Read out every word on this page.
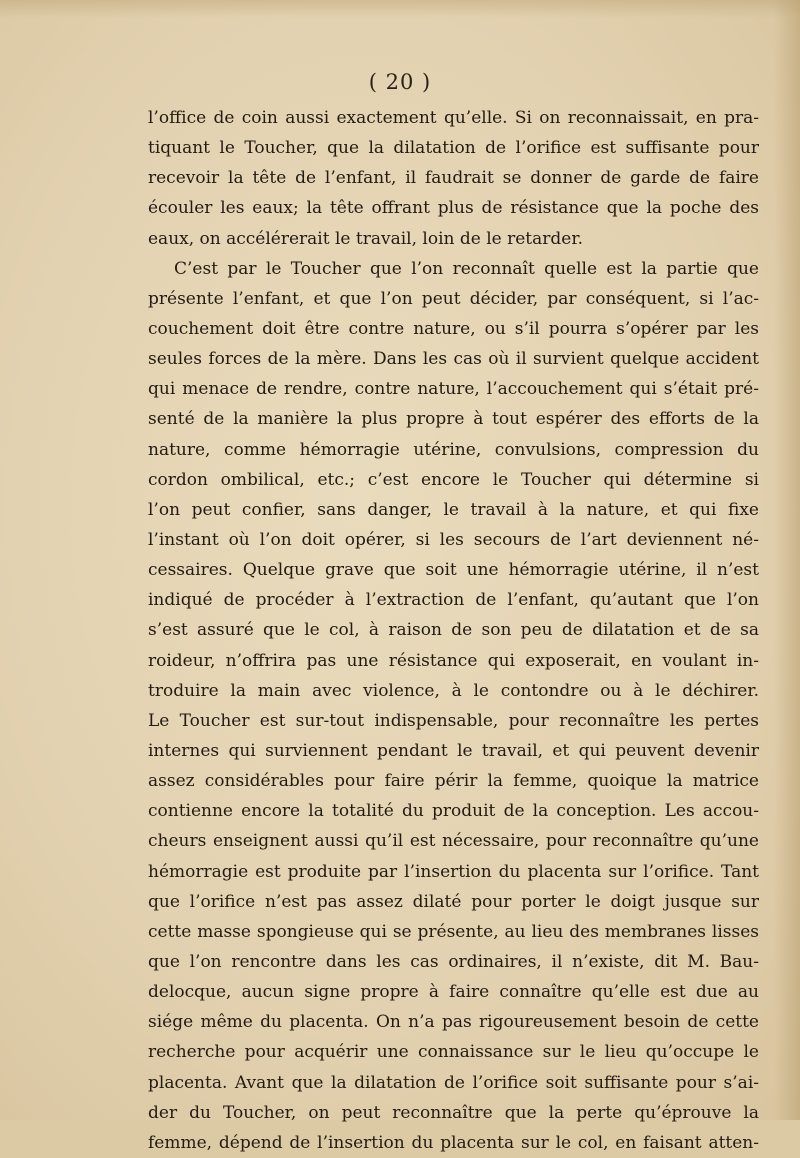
( 20 )
l’office de coin aussi exactement qu’elle. Si on reconnaissait, en pra-
tiquant le Toucher, que la dilatation de l’orifice est suffisante pour
recevoir la tête de l’enfant, il faudrait se donner de garde de faire
écouler les eaux; la tête offrant plus de résistance que la poche des
eaux, on accélérerait le travail, loin de le retarder.
C’est par le Toucher que l’on reconnaît quelle est la partie que
présente l’enfant, et que l’on peut décider, par conséquent, si l’ac-
couchement doit être contre nature, ou s’il pourra s’opérer par les
seules forces de la mère. Dans les cas où il survient quelque accident
qui menace de rendre, contre nature, l’accouchement qui s’était pré-
senté de la manière la plus propre à tout espérer des efforts de la
nature, comme hémorragie utérine, convulsions, compression du
cordon ombilical, etc.; c’est encore le Toucher qui détermine si
l’on peut confier, sans danger, le travail à la nature, et qui fixe
l’instant où l’on doit opérer, si les secours de l’art deviennent né-
cessaires. Quelque grave que soit une hémorragie utérine, il n’est
indiqué de procéder à l’extraction de l’enfant, qu’autant que l’on
s’est assuré que le col, à raison de son peu de dilatation et de sa
roideur, n’offrira pas une résistance qui exposerait, en voulant in-
troduire la main avec violence, à le contondre ou à le déchirer.
Le Toucher est sur-tout indispensable, pour reconnaître les pertes
internes qui surviennent pendant le travail, et qui peuvent devenir
assez considérables pour faire périr la femme, quoique la matrice
contienne encore la totalité du produit de la conception. Les accou-
cheurs enseignent aussi qu’il est nécessaire, pour reconnaître qu’une
hémorragie est produite par l’insertion du placenta sur l’orifice. Tant
que l’orifice n’est pas assez dilaté pour porter le doigt jusque sur
cette masse spongieuse qui se présente, au lieu des membranes lisses
que l’on rencontre dans les cas ordinaires, il n’existe, dit M. Bau-
delocque, aucun signe propre à faire connaître qu’elle est due au
siége même du placenta. On n’a pas rigoureusement besoin de cette
recherche pour acquérir une connaissance sur le lieu qu’occupe le
placenta. Avant que la dilatation de l’orifice soit suffisante pour s’ai-
der du Toucher, on peut reconnaître que la perte qu’éprouve la
femme, dépend de l’insertion du placenta sur le col, en faisant atten-
